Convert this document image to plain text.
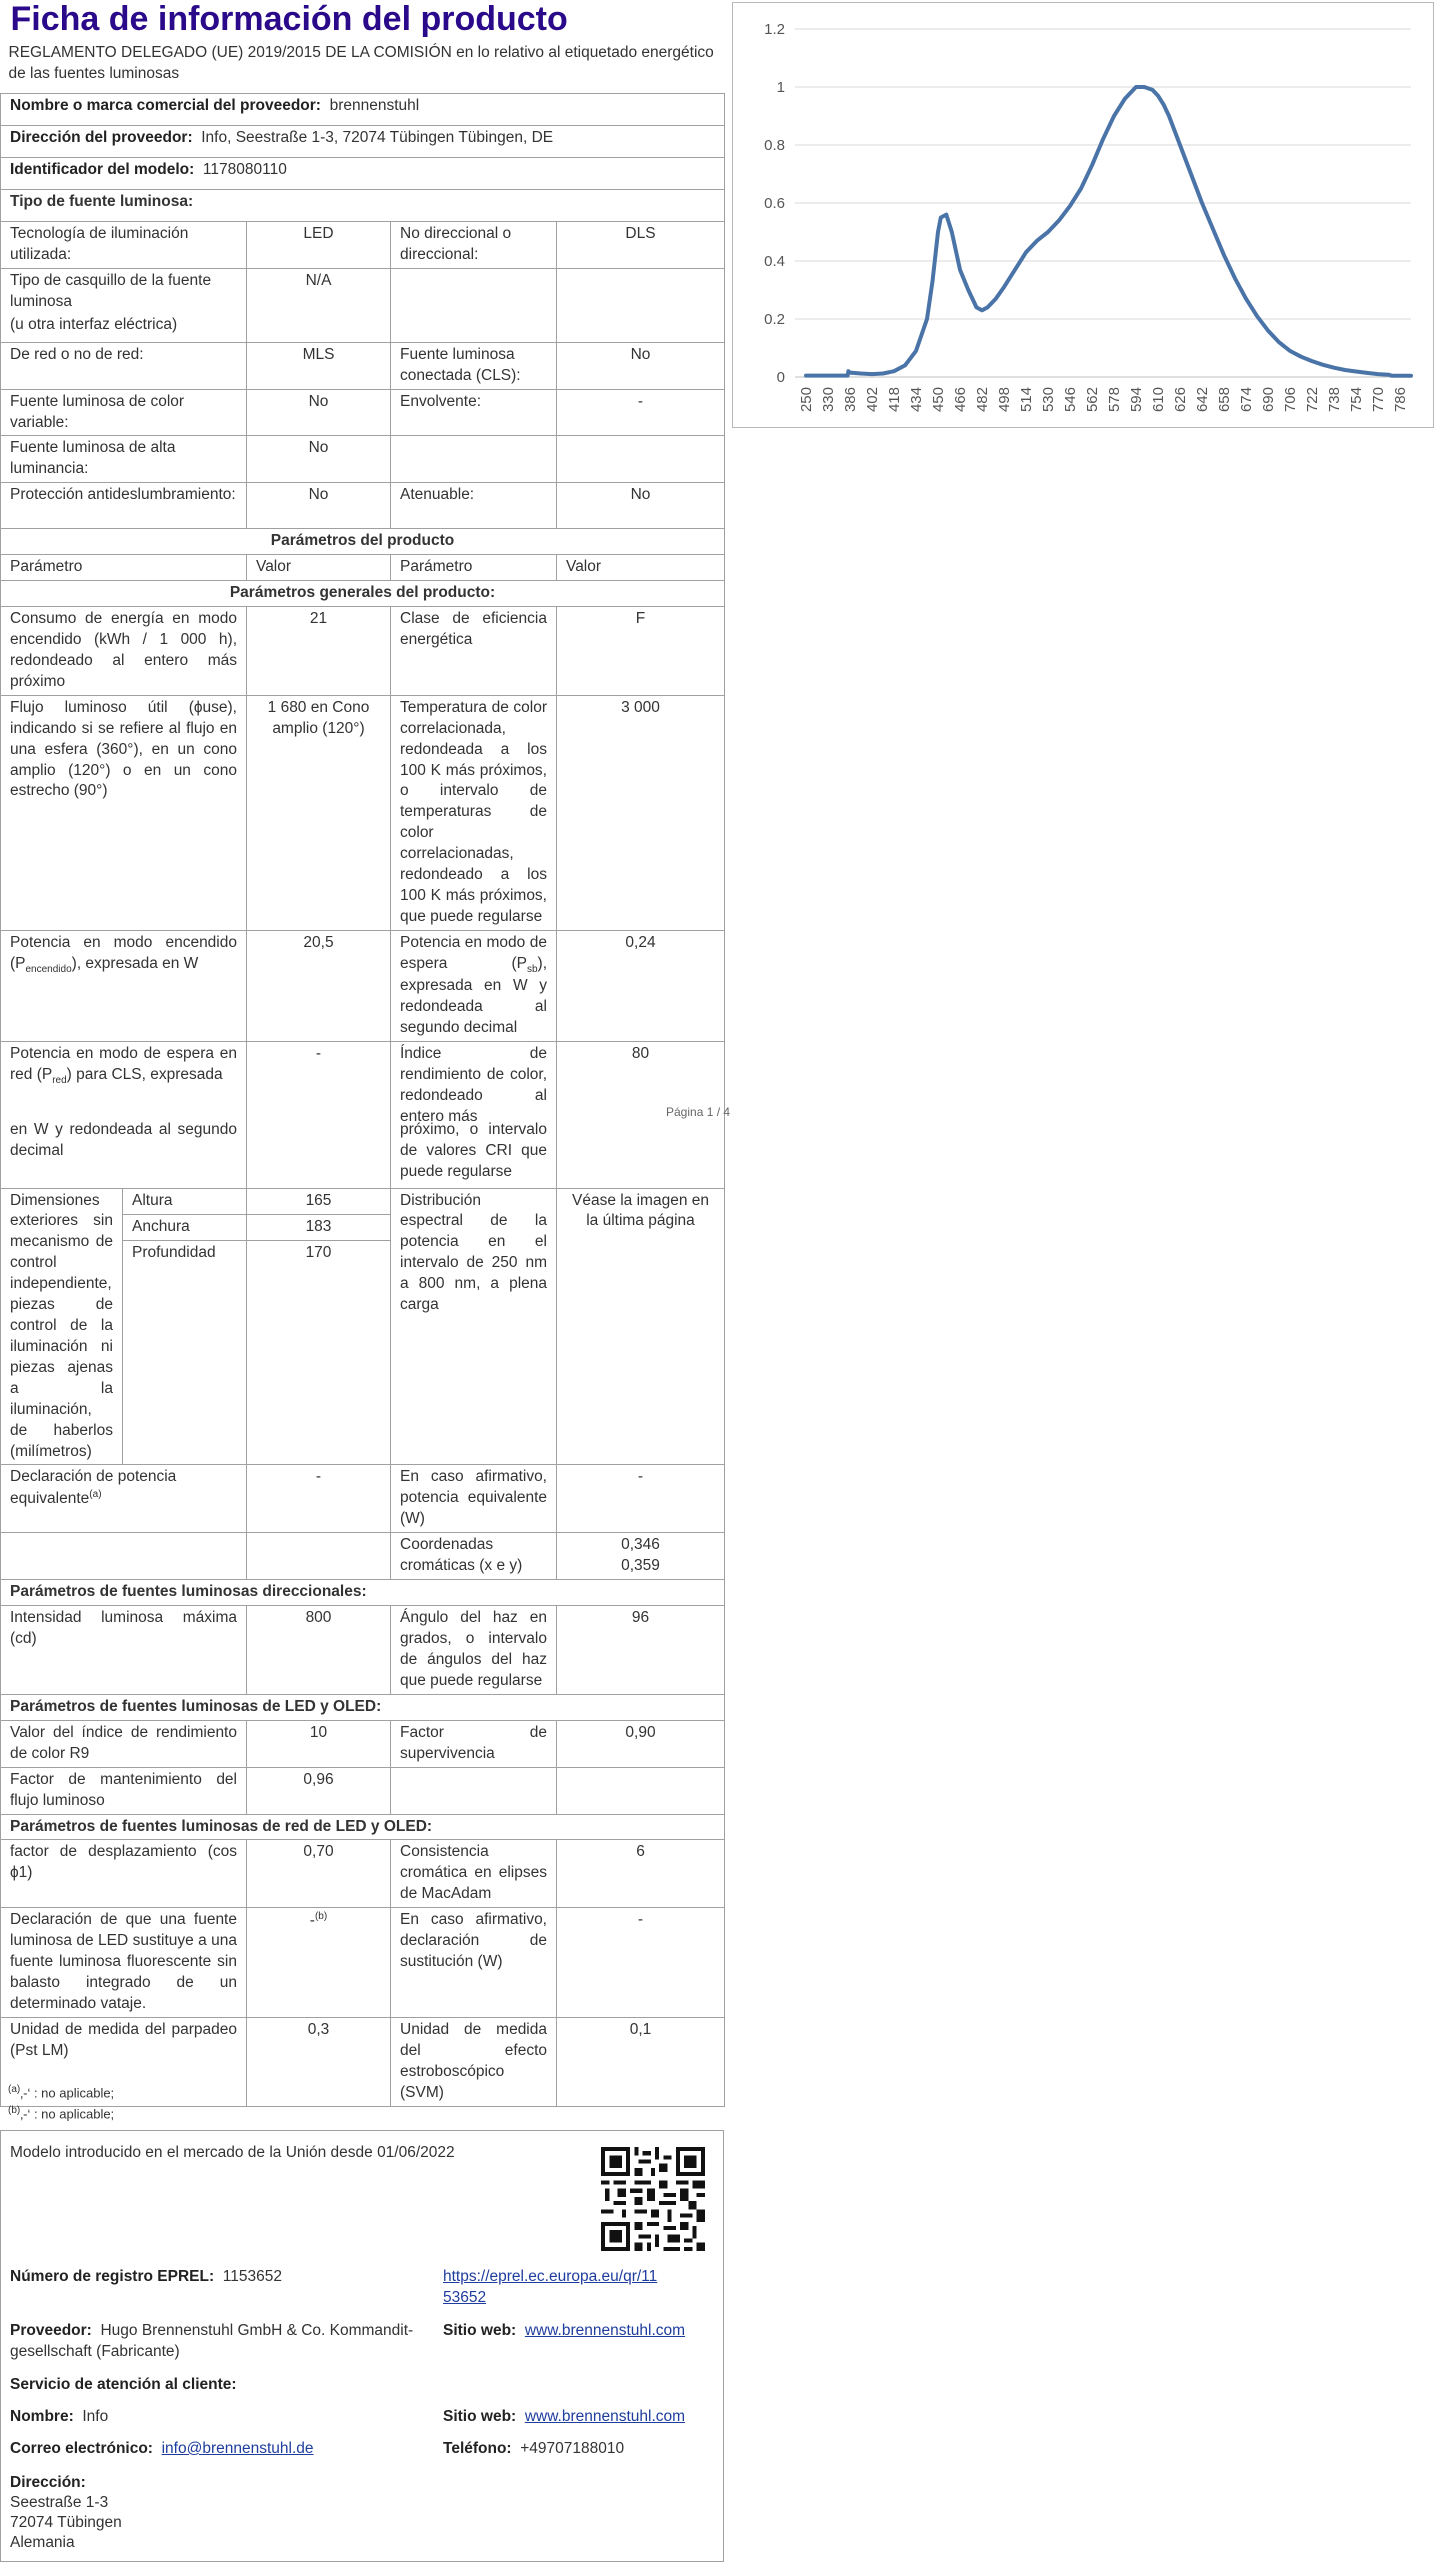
Ficha de información del producto
REGLAMENTO DELEGADO (UE) 2019/2015 DE LA COMISIÓN en lo relativo al etiquetado energético de las fuentes luminosas			

Nombre o marca comercial del proveedor: brennenstuhl			
Dirección del proveedor: Info, Seestraße 1-3, 72074 Tübingen Tübingen, DE			
Identificador del modelo: 1178080110			
Tipo de fuente luminosa:			
Tecnología de iluminación utilizada:	LED	No direccional o direccional:	DLS

Tipo de casquillo de la fuente luminosa
(u otra interfaz eléctrica)	N/A		
De red o no de red:	MLS	Fuente luminosa conectada (CLS):	No
Fuente luminosa de color variable:	No	Envolvente:	-
Fuente luminosa de alta luminancia:	No		
Protección antideslumbramiento:	No	Atenuable:	No
Parámetros del producto			
Parámetro	Valor	Parámetro	Valor
Parámetros generales del producto:			
Consumo de energía en modo encendido (kWh / 1 000 h), redondeado al entero más próximo	21	Clase de eficiencia energética	F
Flujo luminoso útil (ϕuse), indicando si se refiere al flujo en una esfera (360°), en un cono amplio (120°) o en un cono estrecho (90°)	1 680 en Cono amplio (120°)	Temperatura de color correlacionada, redondeada a los 100 K más próximos, o intervalo de temperaturas de color correlacionadas, redondeado a los 100 K más próximos, que puede regularse	3 000
Potencia en modo encendido $(P_{encendido})$, expresada en W	20,5	Potencia en modo de espera $(P_{sb})$, expresada en W y redondeada al segundo decimal	0,24
Potencia en modo de espera en red $(P_{red})$ para CLS, expresada	-	Índice de rendimiento de color, redondeado al entero más	80
Página 1 / 4
en W y redondeada al segundo decimal			próximo, o intervalo de valores CRI que puede regularse	
Dimensiones exteriores sin mecanismo de control independiente, piezas de control de la iluminación ni piezas ajenas a la iluminación, de haberlos (milímetros)	Altura	165	Distribución espectral de la potencia en el intervalo de 250 nm a 800 nm, a plena carga	Véase la imagen en la última página
	Anchura	183		
	Profundidad	170		
Declaración de potencia equivalente$^{(a)}$		-	En caso afirmativo, potencia equivalente (W)	-
			Coordenadas cromáticas (x e y)	0,346
0,359

Parámetros de fuentes luminosas direccionales:				
Intensidad luminosa máxima (cd)		800	Ángulo del haz en grados, o intervalo de ángulos del haz que puede regularse	96
Parámetros de fuentes luminosas de LED y OLED:				
Valor del índice de rendimiento de color R9		10	Factor de supervivencia	0,90
Factor de mantenimiento del flujo luminoso		0,96		
Parámetros de fuentes luminosas de red de LED y OLED:				
factor de desplazamiento (cos ϕ1)		0,70	Consistencia cromática en elipses de MacAdam	6
Declaración de que una fuente luminosa de LED sustituye a una fuente luminosa fluorescente sin balasto integrado de un determinado vataje.		-$^{(b)}$	En caso afirmativo, declaración de sustitución (W)	-
Unidad de medida del parpadeo (Pst LM)		0,3	Unidad de medida del efecto estroboscópico (SVM)	0,1
$^{(a)}$‚-‘ : no aplicable;
$^{(b)}$‚-‘ : no aplicable;
Modelo introducido en el mercado de la Unión desde 01/06/2022
Número de registro EPREL: 1153652	https://eprel.ec.europa.eu/qr/11
53652
Proveedor: Hugo Brennenstuhl GmbH & Co. Kommandit-
gesellschaft (Fabricante)
Sitio web: www.brennenstuhl.com
Servicio de atención al cliente:
Nombre: Info	Sitio web: www.brennenstuhl.com
Correo electrónico: info@brennenstuhl.de	Teléfono: +49707188010
Dirección:
Seestraße 1-3
72074 Tübingen
Alemania
0
0.2
0.4
0.6
0.8
1
1.2
250 330 386 402 418 434 450 466 482 498 514 530 546 562 578 594 610 626 642 658 674 690 706 722 738 754 770 786
